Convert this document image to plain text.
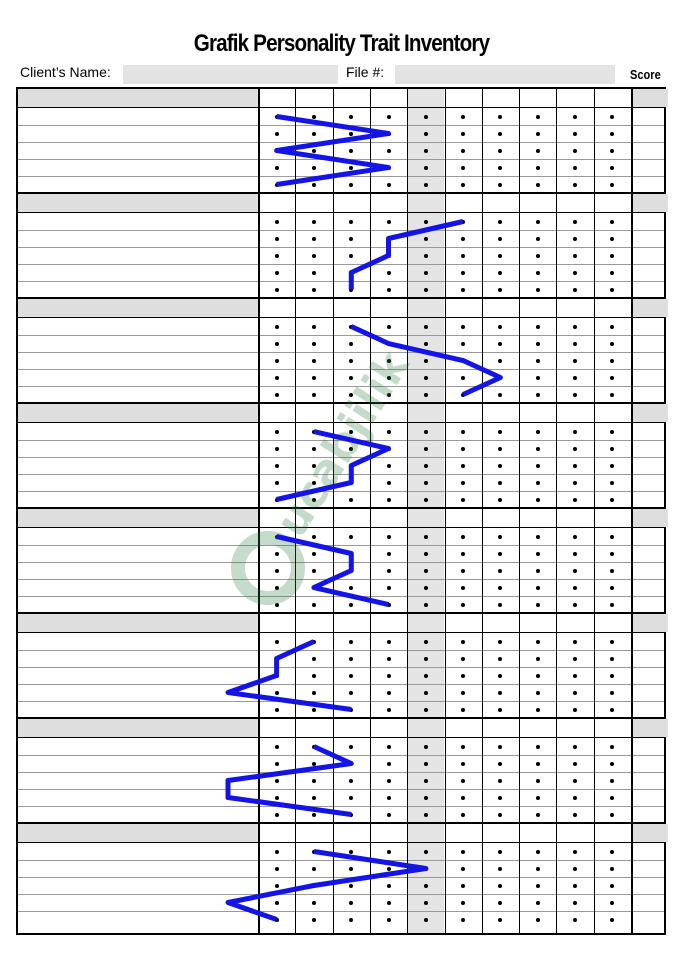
Grafik Personality Trait Inventory
Client’s Name:	File #:	Score
ucabjilik
